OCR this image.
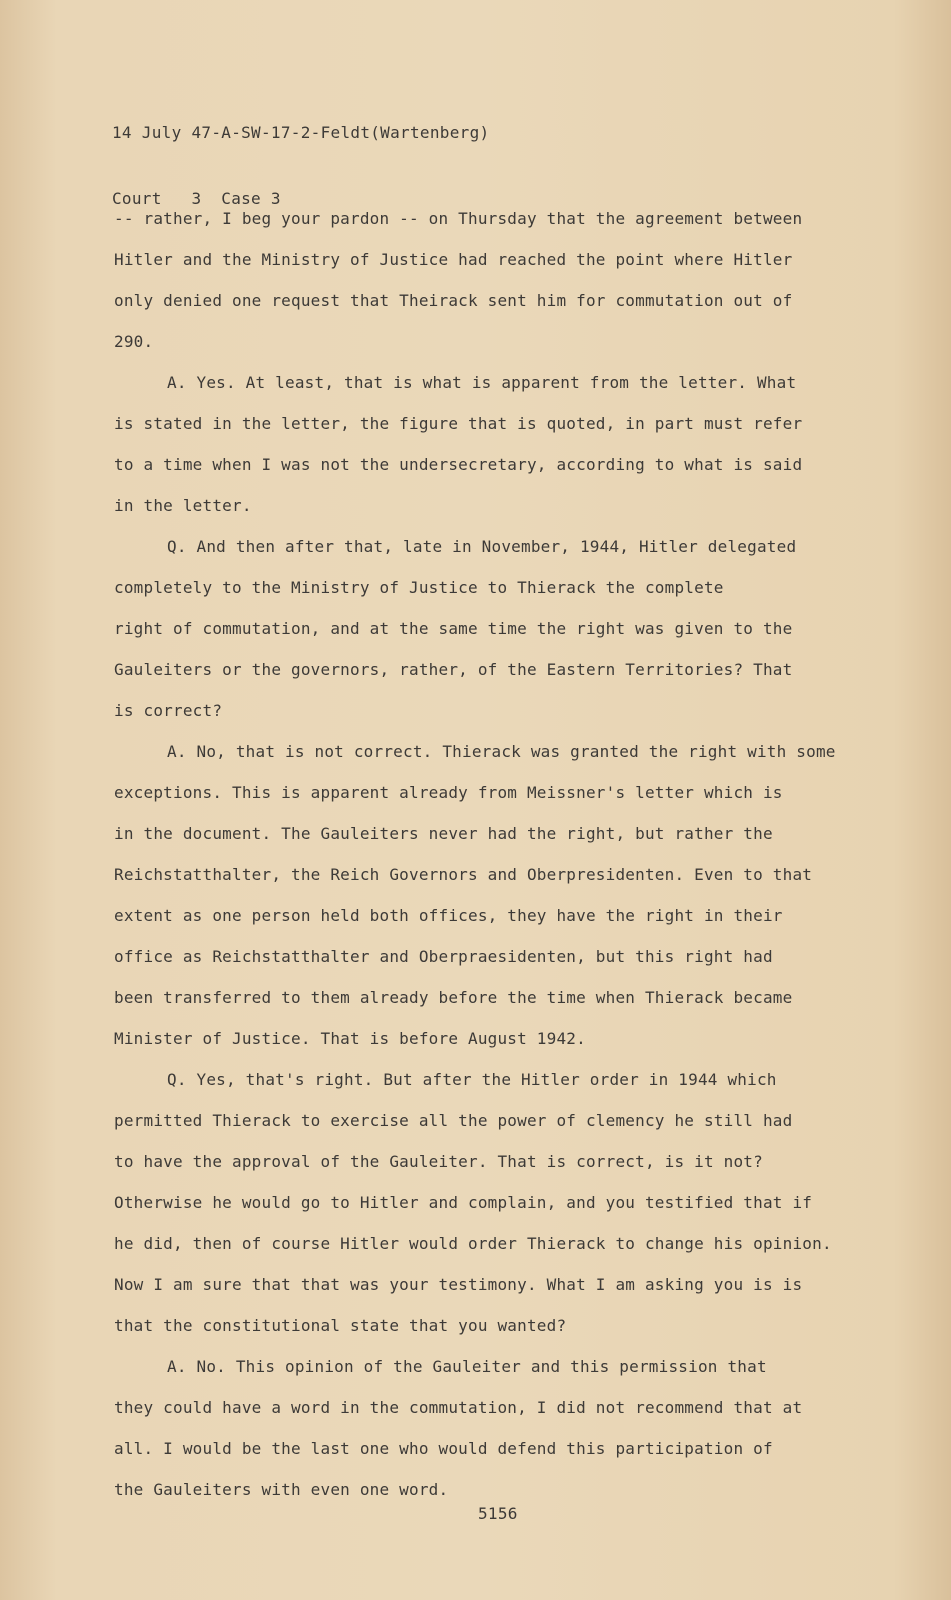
14 July 47-A-SW-17-2-Feldt(Wartenberg)

Court   3  Case 3

-- rather, I beg your pardon -- on Thursday that the agreement between
Hitler and the Ministry of Justice had reached the point where Hitler
only denied one request that Theirack sent him for commutation out of
290.
A. Yes. At least, that is what is apparent from the letter. What
is stated in the letter, the figure that is quoted, in part must refer
to a time when I was not the undersecretary, according to what is said
in the letter.
Q. And then after that, late in November, 1944, Hitler delegated
completely to the Ministry of Justice to Thierack the complete
right of commutation, and at the same time the right was given to the
Gauleiters or the governors, rather, of the Eastern Territories? That
is correct?
A. No, that is not correct. Thierack was granted the right with some
exceptions. This is apparent already from Meissner's letter which is
in the document. The Gauleiters never had the right, but rather the
Reichstatthalter, the Reich Governors and Oberpresidenten. Even to that
extent as one person held both offices, they have the right in their
office as Reichstatthalter and Oberpraesidenten, but this right had
been transferred to them already before the time when Thierack became
Minister of Justice. That is before August 1942.
Q. Yes, that's right. But after the Hitler order in 1944 which
permitted Thierack to exercise all the power of clemency he still had
to have the approval of the Gauleiter. That is correct, is it not?
Otherwise he would go to Hitler and complain, and you testified that if
he did, then of course Hitler would order Thierack to change his opinion.
Now I am sure that that was your testimony. What I am asking you is is
that the constitutional state that you wanted?
A. No. This opinion of the Gauleiter and this permission that
they could have a word in the commutation, I did not recommend that at
all. I would be the last one who would defend this participation of
the Gauleiters with even one word.
5156
